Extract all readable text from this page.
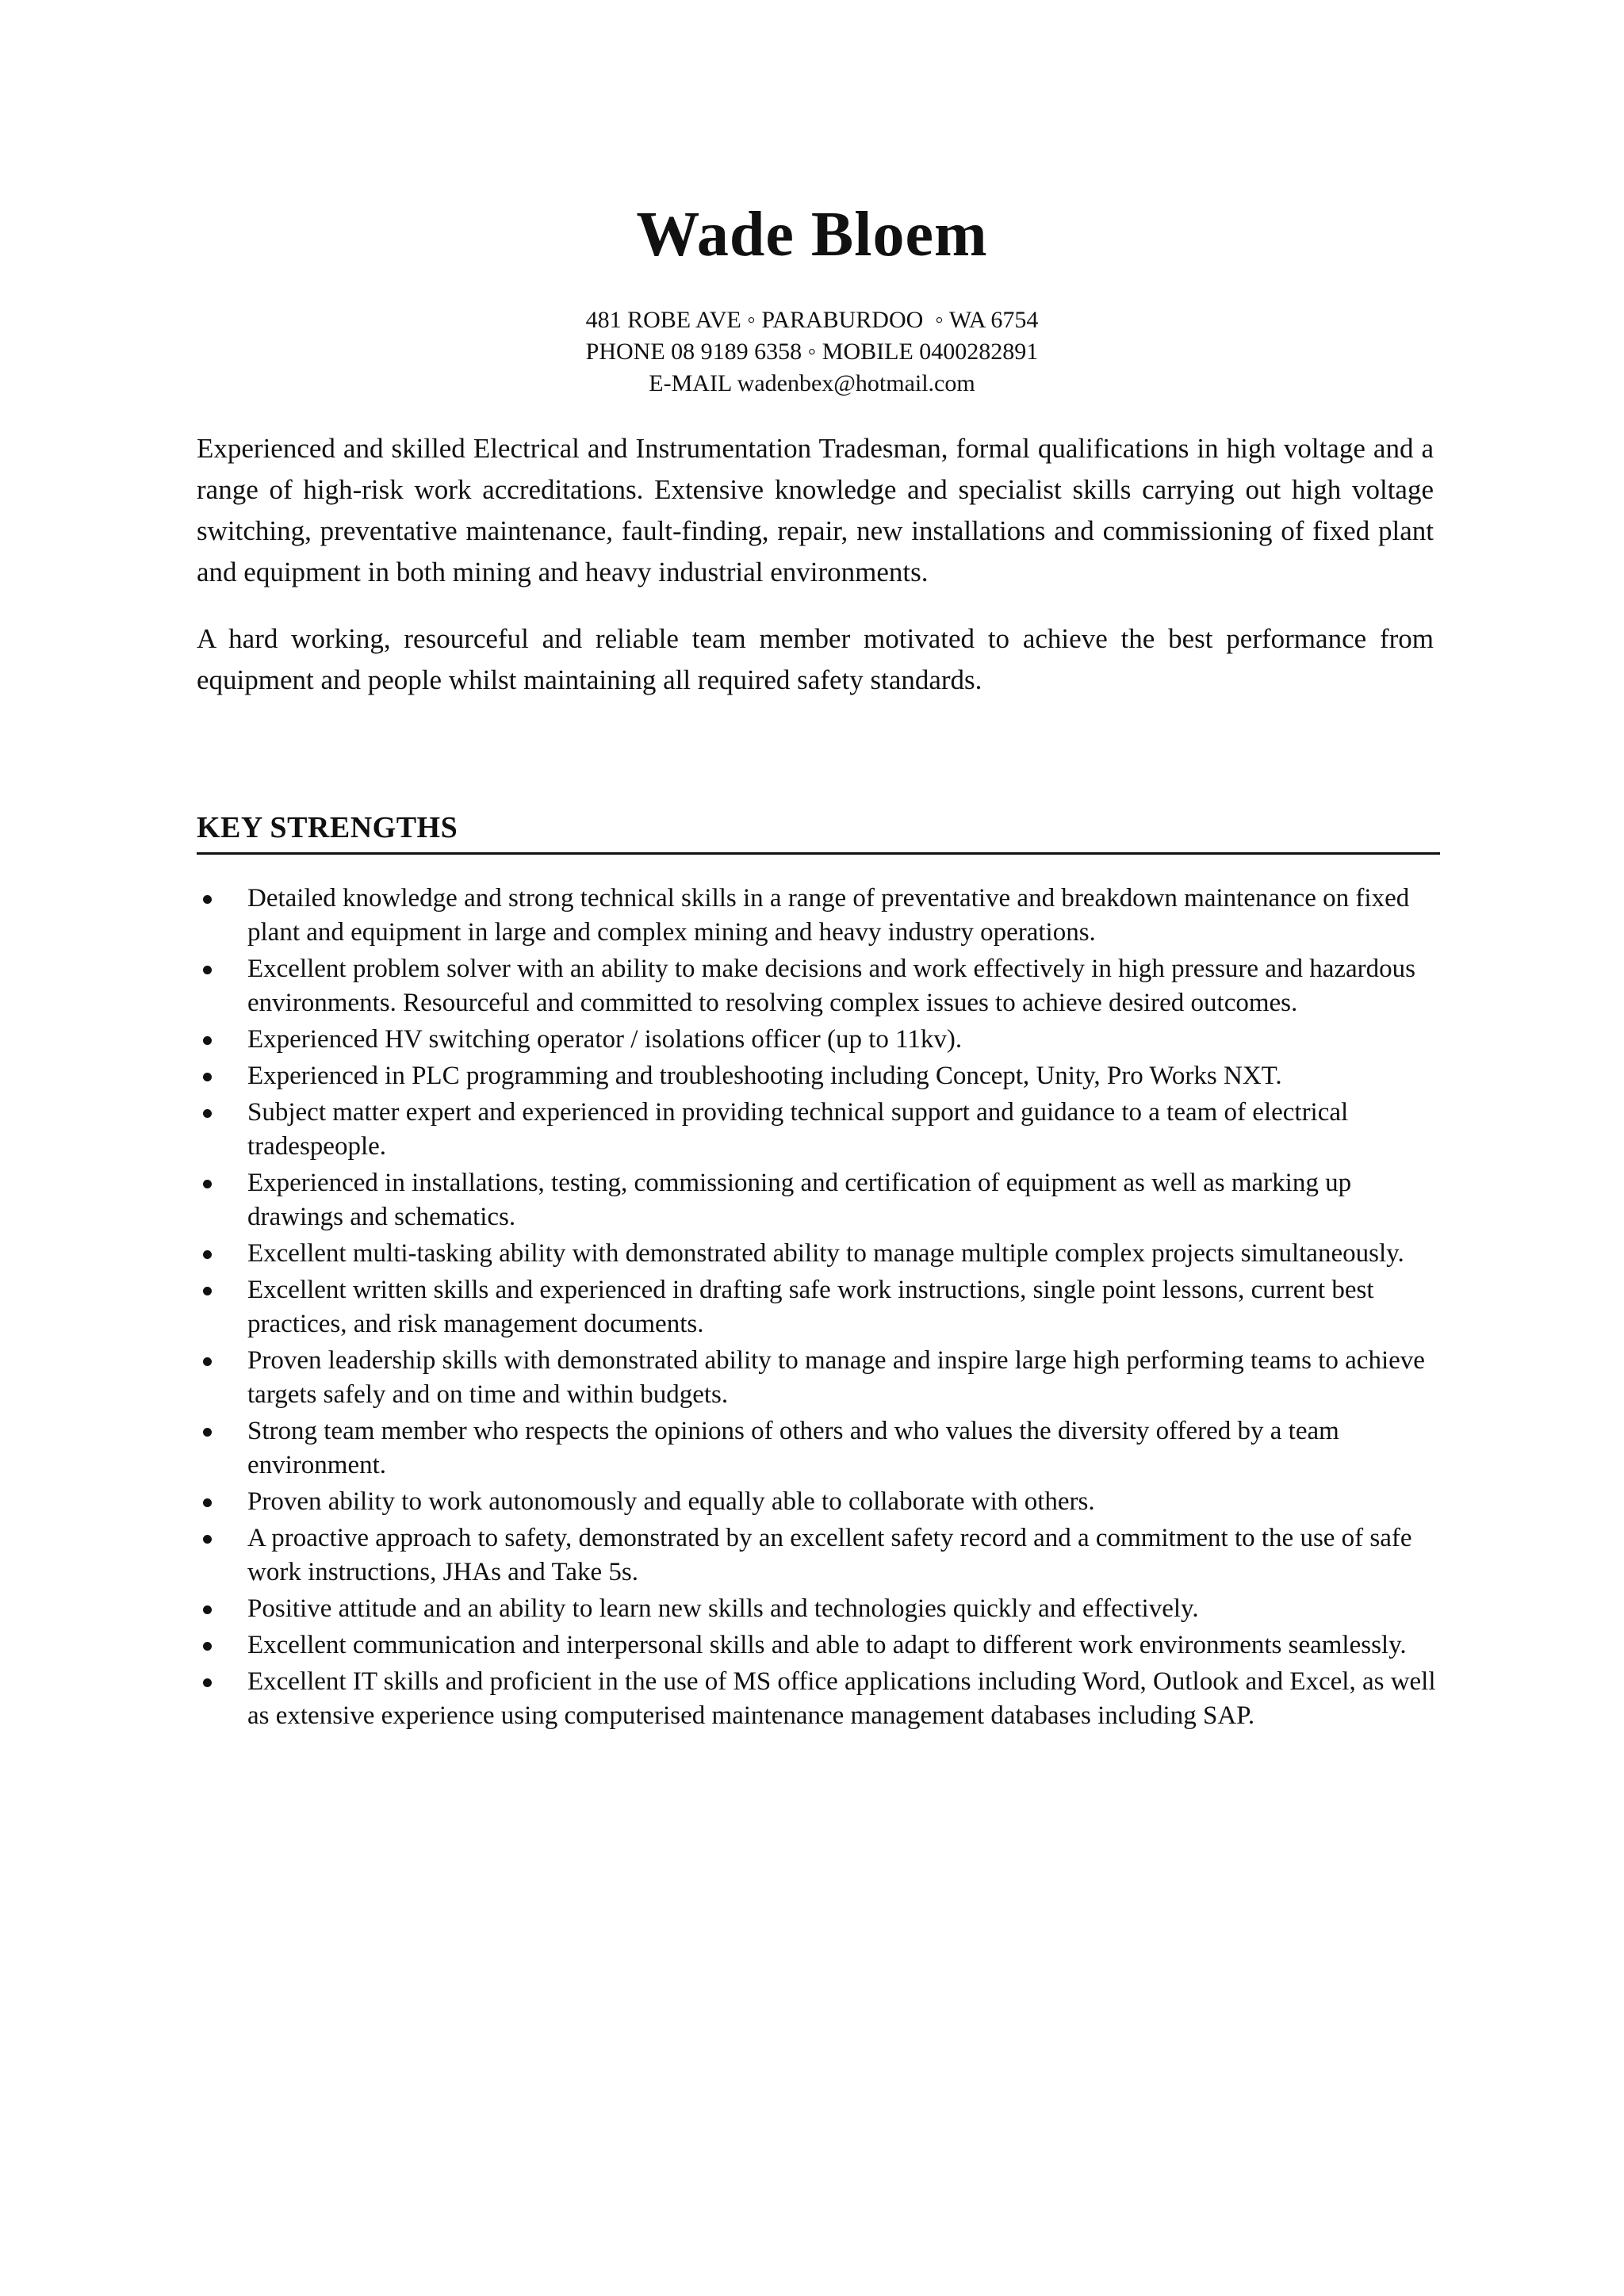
Wade Bloem
481 ROBE AVE ◦ PARABURDOO  ◦ WA 6754
PHONE 08 9189 6358 ◦ MOBILE 0400282891
E-MAIL wadenbex@hotmail.com

Experienced and skilled Electrical and Instrumentation Tradesman, formal qualifications in high voltage and a range of high-risk work accreditations. Extensive knowledge and specialist skills carrying out high voltage switching, preventative maintenance, fault-finding, repair, new installations and commissioning of fixed plant and equipment in both mining and heavy industrial environments.

A hard working, resourceful and reliable team member motivated to achieve the best performance from equipment and people whilst maintaining all required safety standards.

KEY STRENGTHS
Detailed knowledge and strong technical skills in a range of preventative and breakdown maintenance on fixed plant and equipment in large and complex mining and heavy industry operations.
Excellent problem solver with an ability to make decisions and work effectively in high pressure and hazardous environments. Resourceful and committed to resolving complex issues to achieve desired outcomes.
Experienced HV switching operator / isolations officer (up to 11kv).
Experienced in PLC programming and troubleshooting including Concept, Unity, Pro Works NXT.
Subject matter expert and experienced in providing technical support and guidance to a team of electrical tradespeople.
Experienced in installations, testing, commissioning and certification of equipment as well as marking up drawings and schematics.
Excellent multi-tasking ability with demonstrated ability to manage multiple complex projects simultaneously.
Excellent written skills and experienced in drafting safe work instructions, single point lessons, current best practices, and risk management documents.
Proven leadership skills with demonstrated ability to manage and inspire large high performing teams to achieve targets safely and on time and within budgets.
Strong team member who respects the opinions of others and who values the diversity offered by a team environment.
Proven ability to work autonomously and equally able to collaborate with others.
A proactive approach to safety, demonstrated by an excellent safety record and a commitment to the use of safe work instructions, JHAs and Take 5s.
Positive attitude and an ability to learn new skills and technologies quickly and effectively.
Excellent communication and interpersonal skills and able to adapt to different work environments seamlessly.
Excellent IT skills and proficient in the use of MS office applications including Word, Outlook and Excel, as well as extensive experience using computerised maintenance management databases including SAP.
